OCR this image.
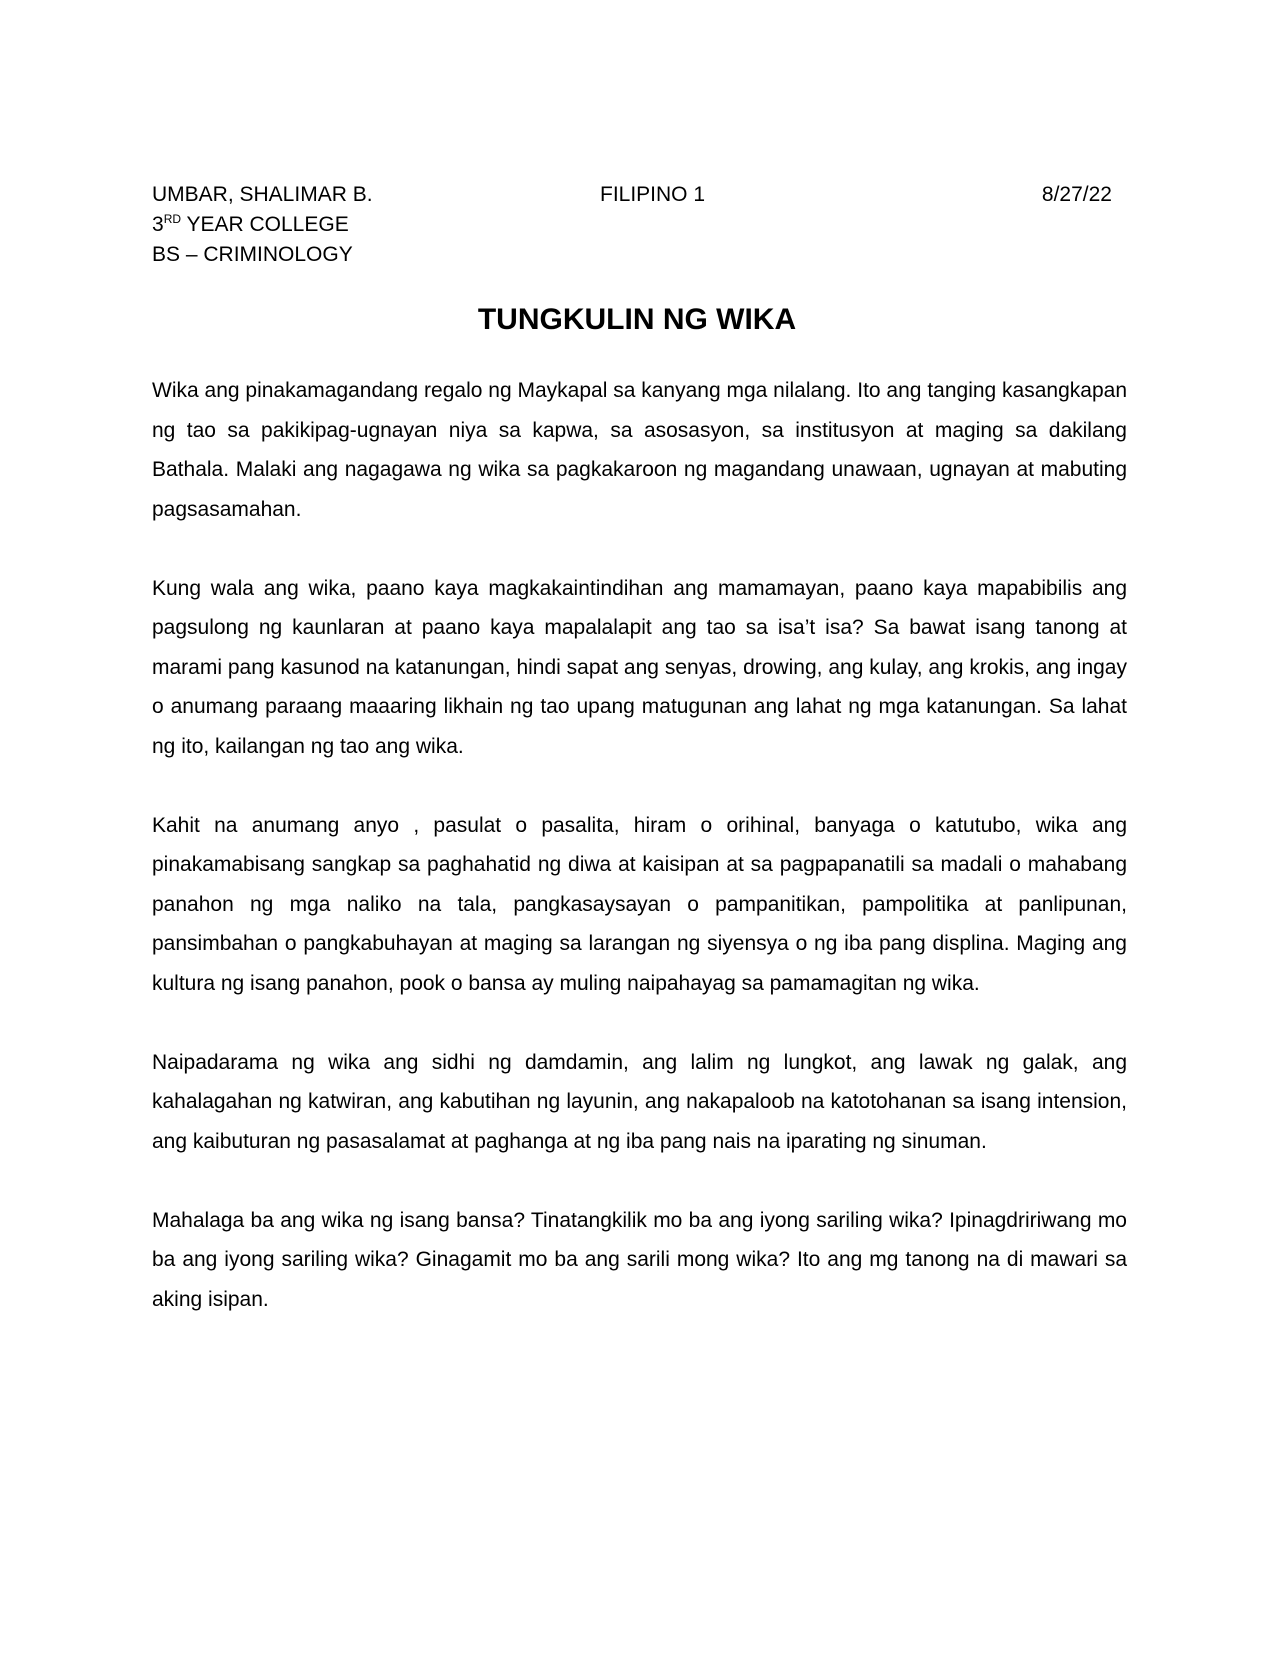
UMBAR, SHALIMAR B.	FILIPINO 1	8/27/22
3RD YEAR COLLEGE
BS – CRIMINOLOGY
TUNGKULIN NG WIKA

Wika ang pinakamagandang regalo ng Maykapal sa kanyang mga nilalang. Ito ang tanging kasangkapan ng tao sa pakikipag-ugnayan niya sa kapwa, sa asosasyon, sa institusyon at maging sa dakilang Bathala. Malaki ang nagagawa ng wika sa pagkakaroon ng magandang unawaan, ugnayan at mabuting pagsasamahan.

Kung wala ang wika, paano kaya magkakaintindihan ang mamamayan, paano kaya mapabibilis ang pagsulong ng kaunlaran at paano kaya mapalalapit ang tao sa isa’t isa? Sa bawat isang tanong at marami pang kasunod na katanungan, hindi sapat ang senyas, drowing, ang kulay, ang krokis, ang ingay o anumang paraang maaaring likhain ng tao upang matugunan ang lahat ng mga katanungan. Sa lahat ng ito, kailangan ng tao ang wika.

Kahit na anumang anyo , pasulat o pasalita, hiram o orihinal, banyaga o katutubo, wika ang pinakamabisang sangkap sa paghahatid ng diwa at kaisipan at sa pagpapanatili sa madali o mahabang panahon ng mga naliko na tala, pangkasaysayan o pampanitikan, pampolitika at panlipunan, pansimbahan o pangkabuhayan at maging sa larangan ng siyensya o ng iba pang displina. Maging ang kultura ng isang panahon, pook o bansa ay muling naipahayag sa pamamagitan ng wika.

Naipadarama ng wika ang sidhi ng damdamin, ang lalim ng lungkot, ang lawak ng galak, ang kahalagahan ng katwiran, ang kabutihan ng layunin, ang nakapaloob na katotohanan sa isang intension, ang kaibuturan ng pasasalamat at paghanga at ng iba pang nais na iparating ng sinuman.

Mahalaga ba ang wika ng isang bansa? Tinatangkilik mo ba ang iyong sariling wika? Ipinagdririwang mo ba ang iyong sariling wika? Ginagamit mo ba ang sarili mong wika? Ito ang mg tanong na di mawari sa aking isipan.
